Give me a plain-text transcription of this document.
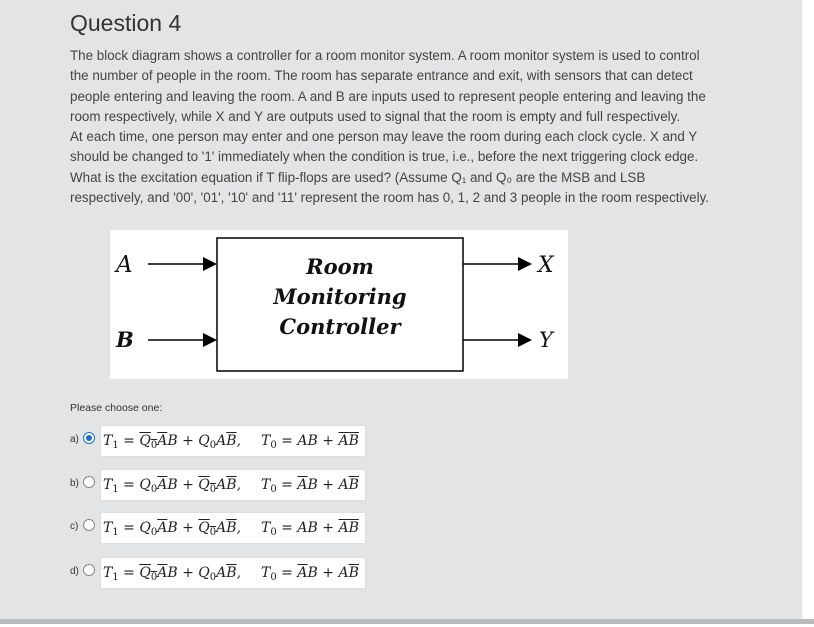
Question 4
The block diagram shows a controller for a room monitor system. A room monitor system is used to control
the number of people in the room. The room has separate entrance and exit, with sensors that can detect
people entering and leaving the room. A and B are inputs used to represent people entering and leaving the
room respectively, while X and Y are outputs used to signal that the room is empty and full respectively.
At each time, one person may enter and one person may leave the room during each clock cycle. X and Y
should be changed to '1' immediately when the condition is true, i.e., before the next triggering clock edge.
What is the excitation equation if T flip-flops are used? (Assume Q₁ and Q₀ are the MSB and LSB
respectively, and '00', '01', '10' and '11' represent the room has 0, 1, 2 and 3 people in the room respectively.
A
B
X
Y
Room
Monitoring
Controller
Please choose one:
a) $T_1 = Q_0\overline{A}B + Q_0A\overline{B}$, $T_0$ = AB + $\overline{A}\overline{B}$
b) $T_1 = Q_0\overline{A}B + Q_0A\overline{B}$, $T_0 = \overline{A}B + A\overline{B}$
c) $T_1 = Q_0\overline{A}B + Q_0A\overline{B}$, $T_0$ = AB + $\overline{A}\overline{B}$
d) $T_1 = Q_0\overline{A}B + Q_0A\overline{B}$, $T_0 = \overline{A}B + A\overline{B}$
